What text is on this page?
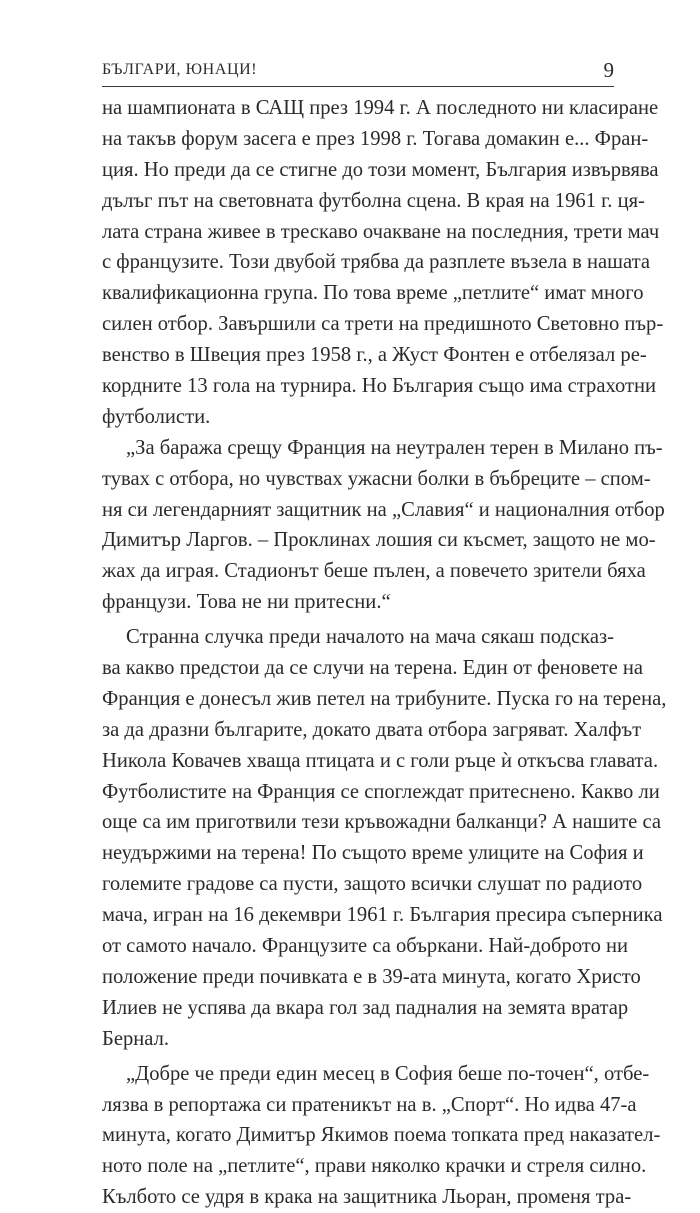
БЪЛГАРИ, ЮНАЦИ!	9
на шампионата в САЩ през 1994 г. А последното ни класиране
на такъв форум засега е през 1998 г. Тогава домакин е... Фран-
ция. Но преди да се стигне до този момент, България извървява
дълъг път на световната футболна сцена. В края на 1961 г. ця-
лата страна живее в трескаво очакване на последния, трети мач
с французите. Този двубой трябва да разплете възела в нашата
квалификационна група. По това време „петлите“ имат много
силен отбор. Завършили са трети на предишното Световно пър-
венство в Швеция през 1958 г., а Жуст Фонтен е отбелязал ре-
кордните 13 гола на турнира. Но България също има страхотни
футболисти.
„За баража срещу Франция на неутрален терен в Милано пъ-
тувах с отбора, но чувствах ужасни болки в бъбреците – спом-
ня си легендарният защитник на „Славия“ и националния отбор
Димитър Ларгов. – Проклинах лошия си късмет, защото не мо-
жах да играя. Стадионът беше пълен, а повечето зрители бяха
французи. Това не ни притесни.“
Странна случка преди началото на мача сякаш подсказ-
ва какво предстои да се случи на терена. Един от феновете на
Франция е донесъл жив петел на трибуните. Пуска го на терена,
за да дразни българите, докато двата отбора загряват. Халфът
Никола Ковачев хваща птицата и с голи ръце ѝ откъсва главата.
Футболистите на Франция се споглеждат притеснено. Какво ли
още са им приготвили тези кръвожадни балканци? А нашите са
неудържими на терена! По същото време улиците на София и
големите градове са пусти, защото всички слушат по радиото
мача, игран на 16 декември 1961 г. България пресира съперника
от самото начало. Французите са объркани. Най-доброто ни
положение преди почивката е в 39-ата минута, когато Христо
Илиев не успява да вкара гол зад падналия на земята вратар
Бернал.
„Добре че преди един месец в София беше по-точен“, отбе-
лязва в репортажа си пратеникът на в. „Спорт“. Но идва 47-а
минута, когато Димитър Якимов поема топката пред наказател-
ното поле на „петлите“, прави няколко крачки и стреля силно.
Кълбото се удря в крака на защитника Льоран, променя тра-
